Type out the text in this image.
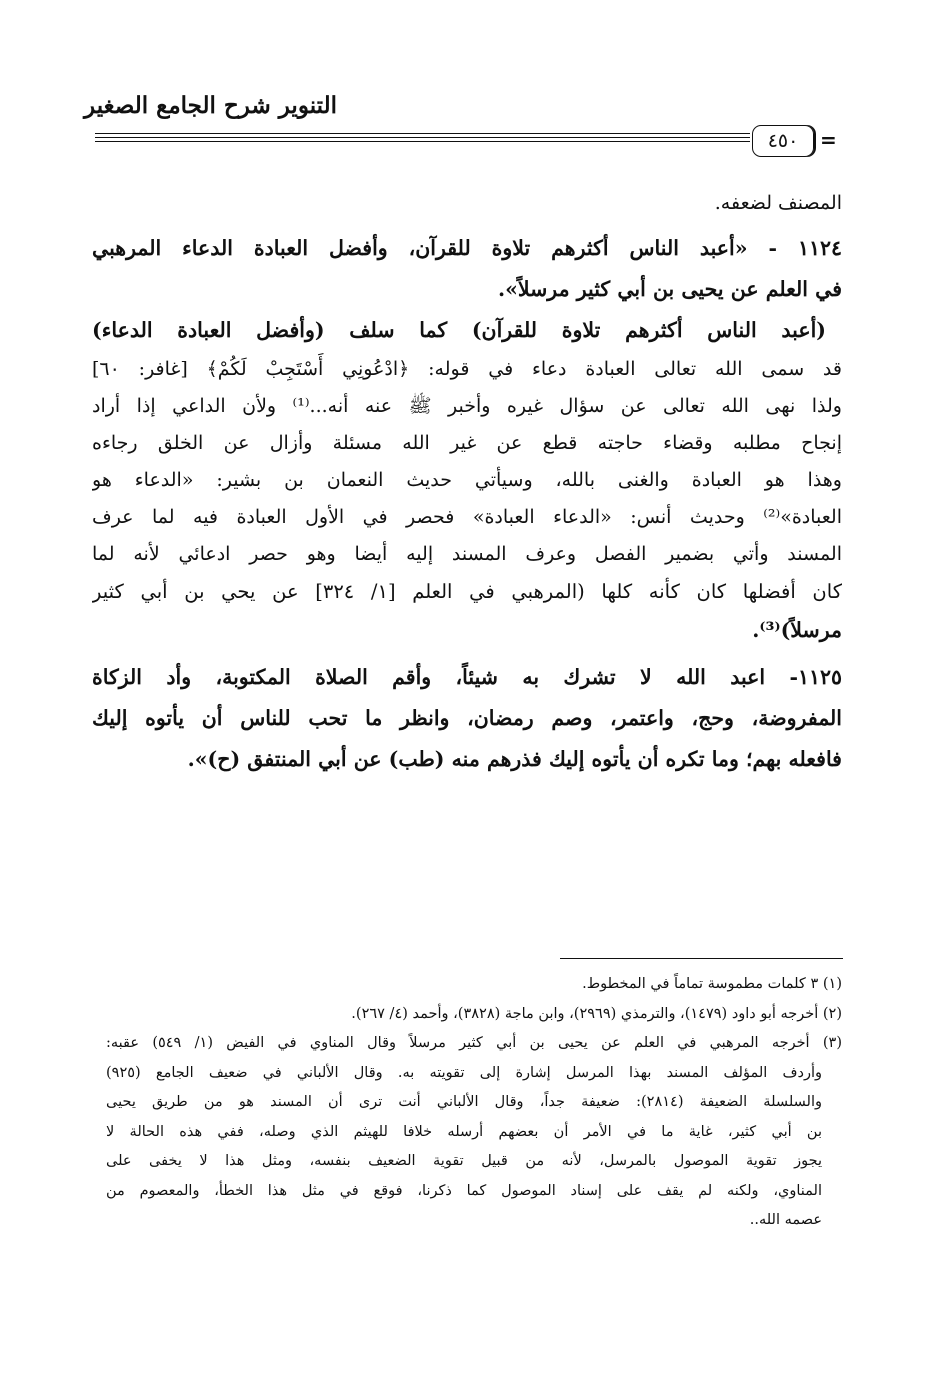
التنوير شرح الجامع الصغير
٤٥٠	=
المصنف لضعفه.
١١٢٤ - «أعبد الناس أكثرهم تلاوة للقرآن، وأفضل العبادة الدعاء المرهبي
في العلم عن يحيى بن أبي كثير مرسلاً».
(أعبد الناس أكثرهم تلاوة للقرآن) كما سلف (وأفضل العبادة الدعاء)
قد سمى الله تعالى العبادة دعاء في قوله: ﴿ادْعُونِي أَسْتَجِبْ لَكُمْ﴾ [غافر: ٦٠]
ولذا نهى الله تعالى عن سؤال غيره وأخبر ﷺ عنه أنه...⁽¹⁾ ولأن الداعي إذا أراد
إنجاح مطلبه وقضاء حاجته قطع عن غير الله مسئلة وأزال عن الخلق رجاءه
وهذا هو العبادة والغنى بالله، وسيأتي حديث النعمان بن بشير: «الدعاء هو
العبادة»⁽²⁾ وحديث أنس: «الدعاء العبادة» فحصر في الأول العبادة فيه لما عرف
المسند وأتي بضمير الفصل وعرف المسند إليه أيضا وهو حصر ادعائي لأنه لما
كان أفضلها كان كأنه كلها (المرهبي في العلم [١/ ٣٢٤] عن يحي بن أبي كثير
مرسلاً)⁽³⁾.
١١٢٥- اعبد الله لا تشرك به شيئاً، وأقم الصلاة المكتوبة، وأد الزكاة
المفروضة، وحج، واعتمر، وصم رمضان، وانظر ما تحب للناس أن يأتوه إليك
فافعله بهم؛ وما تكره أن يأتوه إليك فذرهم منه (طب) عن أبي المنتفق (ح)».
(١) ٣ كلمات مطموسة تماماً في المخطوط.
(٢) أخرجه أبو داود (١٤٧٩)، والترمذي (٢٩٦٩)، وابن ماجة (٣٨٢٨)، وأحمد (٤/ ٢٦٧).
(٣) أخرجه المرهبي في العلم عن يحيى بن أبي كثير مرسلاً وقال المناوي في الفيض (١/ ٥٤٩) عقبه:
وأردف المؤلف المسند بهذا المرسل إشارة إلى تقويته به. وقال الألباني في ضعيف الجامع (٩٢٥)
والسلسلة الضعيفة (٢٨١٤): ضعيفة جداً، وقال الألباني أنت ترى أن المسند هو من طريق يحيى
بن أبي كثير، غاية ما في الأمر أن بعضهم أرسله خلافا للهيثم الذي وصله، ففي هذه الحالة لا
يجوز تقوية الموصول بالمرسل، لأنه من قبيل تقوية الضعيف بنفسه، ومثل هذا لا يخفى على
المناوي، ولكنه لم يقف على إسناد الموصول كما ذكرنا، فوقع في مثل هذا الخطأ، والمعصوم من
عصمه الله..
